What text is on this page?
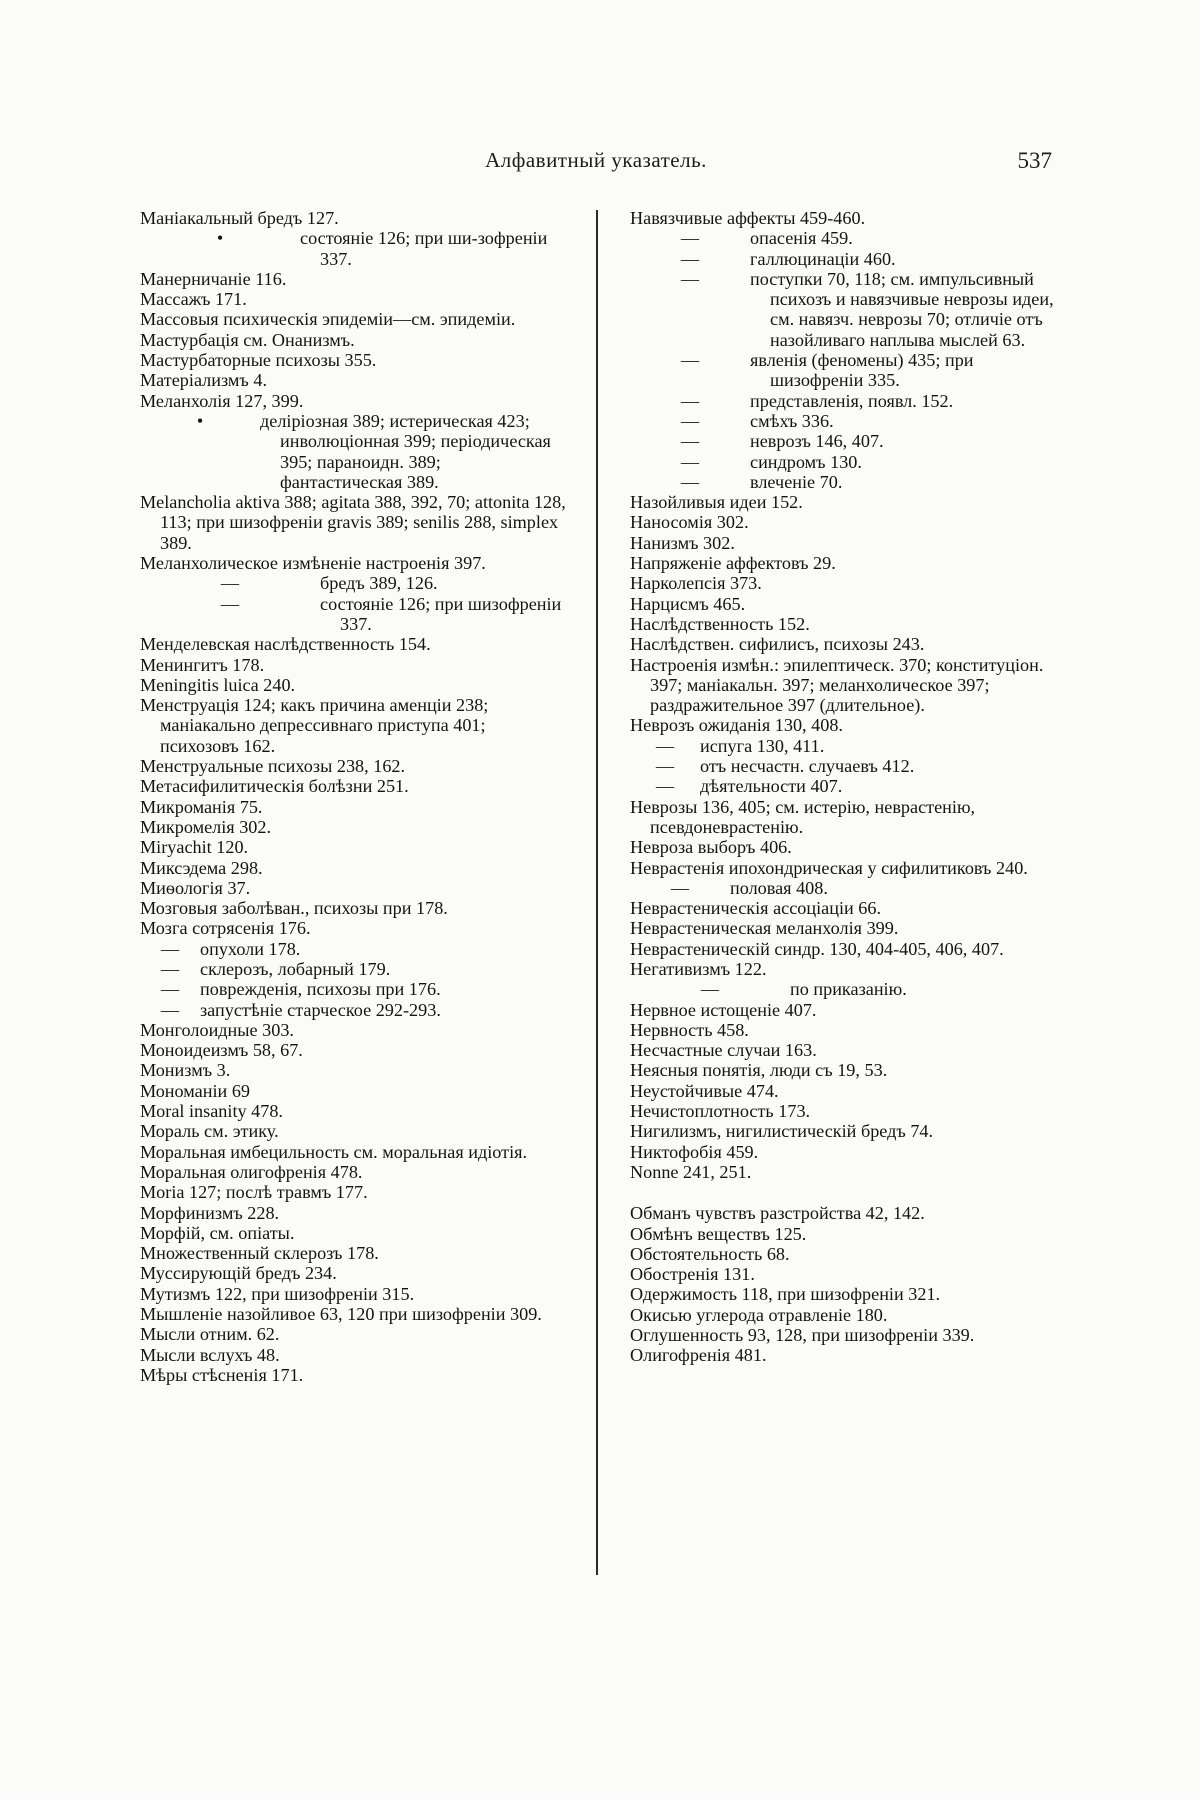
Алфавитный указатель.	537
Маніакальный бредъ 127.
•	состояніе 126; при ши-зофреніи 337.
Манерничаніе 116.
Массажъ 171.
Массовыя психическія эпидеміи—см. эпидеміи.
Мастурбація см. Онанизмъ.
Мастурбаторные психозы 355.
Матеріализмъ 4.
Меланхолія 127, 399.
•	деліріозная 389; истерическая 423; инволюціонная 399; періодическая 395; параноидн. 389; фантастическая 389.
Melancholia aktiva 388; agitata 388, 392, 70; attonita 128, 113; при шизофреніи gravis 389; senilis 288, simplex 389.
Меланхолическое измѣненіе настроенія 397.
—	бредъ 389, 126.
—	состояніе 126; при шизофреніи 337.
Менделевская наслѣдственность 154.
Менингитъ 178.
Meningitis luica 240.
Менструація 124; какъ причина аменціи 238; маніакально депрессивнаго приступа 401; психозовъ 162.
Менструальные психозы 238, 162.
Метасифилитическія болѣзни 251.
Микроманія 75.
Микромелія 302.
Miryachit 120.
Миксэдема 298.
Миѳологія 37.
Мозговыя заболѣван., психозы при 178.
Мозга сотрясенія 176.
—	опухоли 178.
—	склерозъ, лобарный 179.
—	поврежденія, психозы при 176.
—	запустѣніе старческое 292-293.
Монголоидные 303.
Моноидеизмъ 58, 67.
Монизмъ 3.
Мономаніи 69
Moral insanity 478.
Мораль см. этику.
Моральная имбецильность см. моральная идіотія.
Моральная олигофренія 478.
Moria 127; послѣ травмъ 177.
Морфинизмъ 228.
Морфій, см. опіаты.
Множественный склерозъ 178.
Муссирующій бредъ 234.
Мутизмъ 122, при шизофреніи 315.
Мышленіе назойливое 63, 120 при шизофреніи 309.
Мысли отним. 62.
Мысли вслухъ 48.
Мѣры стѣсненія 171.
Навязчивые аффекты 459-460.
—	опасенія 459.
—	галлюцинаціи 460.
—	поступки 70, 118; см. импульсивный психозъ и навязчивые неврозы идеи, см. навязч. неврозы 70; отличіе отъ назойливаго наплыва мыслей 63.
—	явленія (феномены) 435; при шизофреніи 335.
—	представленія, появл. 152.
—	смѣхъ 336.
—	неврозъ 146, 407.
—	синдромъ 130.
—	влеченіе 70.
Назойливыя идеи 152.
Наносомія 302.
Нанизмъ 302.
Напряженіе аффектовъ 29.
Нарколепсія 373.
Нарцисмъ 465.
Наслѣдственность 152.
Наслѣдствен. сифилисъ, психозы 243.
Настроенія измѣн.: эпилептическ. 370; конституціон. 397; маніакальн. 397; меланхолическое 397; раздражительное 397 (длительное).
Неврозъ ожиданія 130, 408.
—	испуга 130, 411.
—	отъ несчастн. случаевъ 412.
—	дѣятельности 407.
Неврозы 136, 405; см. истерію, неврастенію, псевдоневрастенію.
Невроза выборъ 406.
Неврастенія ипохондрическая у сифилитиковъ 240.
—	половая 408.
Неврастеническія ассоціаціи 66.
Неврастеническая меланхолія 399.
Неврастеническій синдр. 130, 404-405, 406, 407.
Негативизмъ 122.
—	по приказанію.
Нервное истощеніе 407.
Нервность 458.
Несчастные случаи 163.
Неясныя понятія, люди съ 19, 53.
Неустойчивые 474.
Нечистоплотность 173.
Нигилизмъ, нигилистическій бредъ 74.
Никтофобія 459.
Nonne 241, 251.
Обманъ чувствъ разстройства 42, 142.
Обмѣнъ веществъ 125.
Обстоятельность 68.
Обостренія 131.
Одержимость 118, при шизофреніи 321.
Окисью углерода отравленіе 180.
Оглушенность 93, 128, при шизофреніи 339.
Олигофренія 481.
